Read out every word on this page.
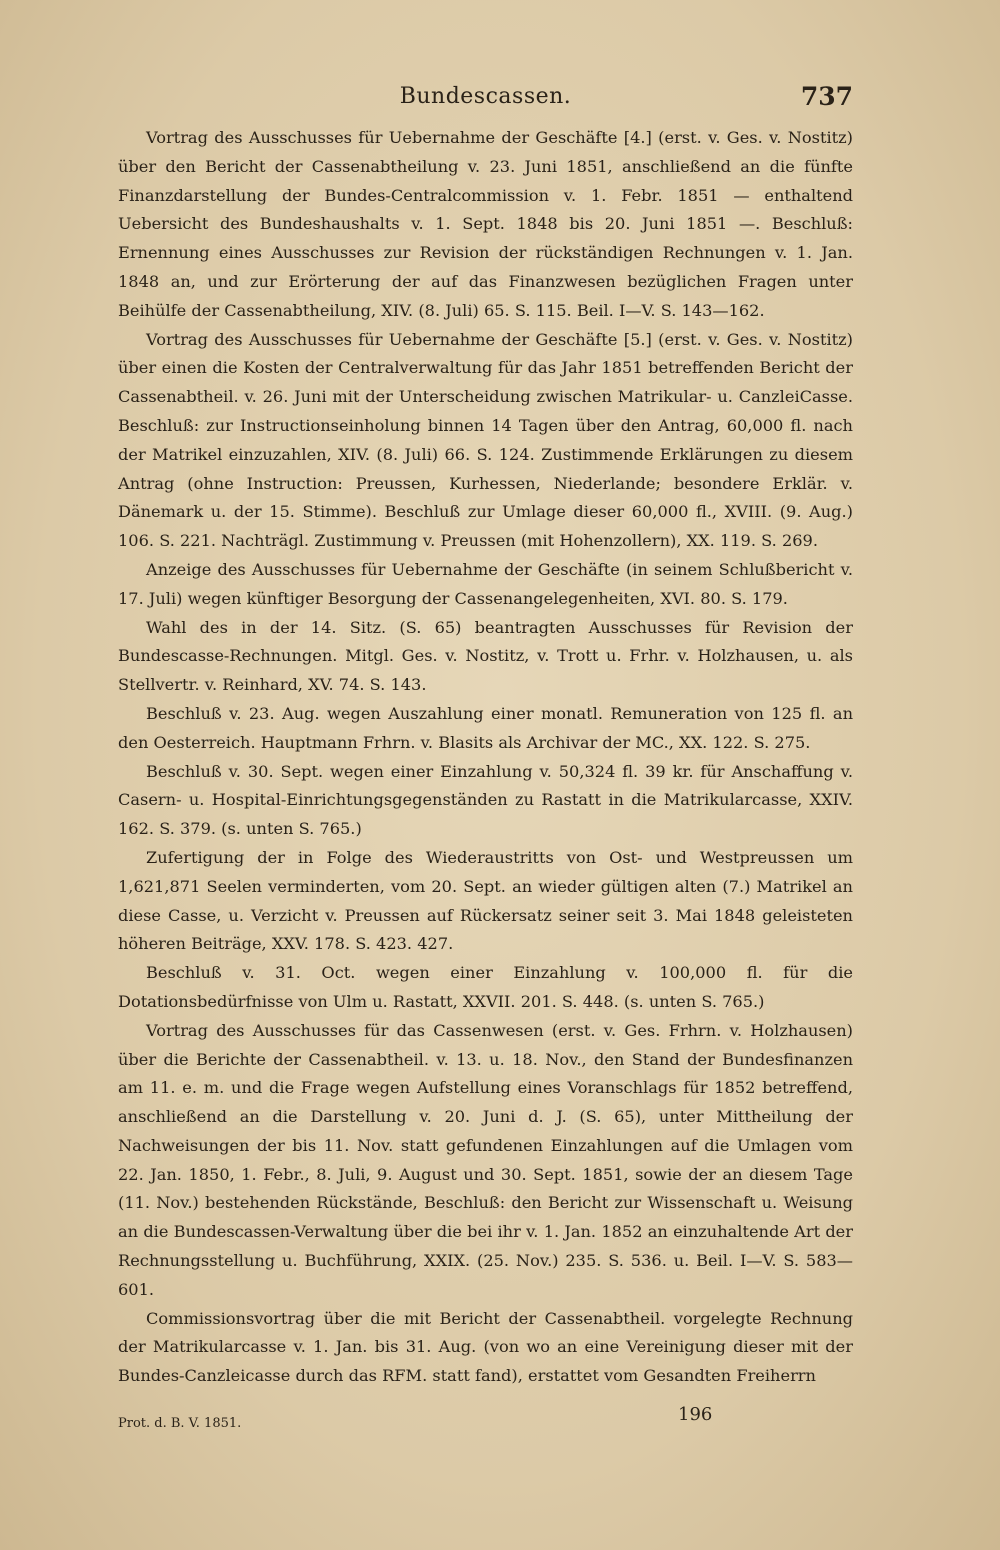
Bundescassen.	737

Vortrag des Ausschusses für Uebernahme der Geschäfte [4.] (erst. v. Ges. v. Nostitz) über den Bericht der Cassenabtheilung v. 23. Juni 1851, anschließend an die fünfte Finanzdarstellung der Bundes-Centralcommission v. 1. Febr. 1851 — enthaltend Uebersicht des Bundeshaushalts v. 1. Sept. 1848 bis 20. Juni 1851 —. Beschluß: Ernennung eines Ausschusses zur Revision der rückständigen Rechnungen v. 1. Jan. 1848 an, und zur Erörterung der auf das Finanzwesen bezüglichen Fragen unter Beihülfe der Cassenabtheilung, XIV. (8. Juli) 65. S. 115. Beil. I—V. S. 143—162.

Vortrag des Ausschusses für Uebernahme der Geschäfte [5.] (erst. v. Ges. v. Nostitz) über einen die Kosten der Centralverwaltung für das Jahr 1851 betreffenden Bericht der Cassenabtheil. v. 26. Juni mit der Unterscheidung zwischen Matrikular- u. CanzleiCasse. Beschluß: zur Instructionseinholung binnen 14 Tagen über den Antrag, 60,000 fl. nach der Matrikel einzuzahlen, XIV. (8. Juli) 66. S. 124. Zustimmende Erklärungen zu diesem Antrag (ohne Instruction: Preussen, Kurhessen, Niederlande; besondere Erklär. v. Dänemark u. der 15. Stimme). Beschluß zur Umlage dieser 60,000 fl., XVIII. (9. Aug.) 106. S. 221. Nachträgl. Zustimmung v. Preussen (mit Hohenzollern), XX. 119. S. 269.

Anzeige des Ausschusses für Uebernahme der Geschäfte (in seinem Schlußbericht v. 17. Juli) wegen künftiger Besorgung der Cassenangelegenheiten, XVI. 80. S. 179.

Wahl des in der 14. Sitz. (S. 65) beantragten Ausschusses für Revision der Bundescasse-Rechnungen. Mitgl. Ges. v. Nostitz, v. Trott u. Frhr. v. Holzhausen, u. als Stellvertr. v. Reinhard, XV. 74. S. 143.

Beschluß v. 23. Aug. wegen Auszahlung einer monatl. Remuneration von 125 fl. an den Oesterreich. Hauptmann Frhrn. v. Blasits als Archivar der MC., XX. 122. S. 275.

Beschluß v. 30. Sept. wegen einer Einzahlung v. 50,324 fl. 39 kr. für Anschaffung v. Casern- u. Hospital-Einrichtungsgegenständen zu Rastatt in die Matrikularcasse, XXIV. 162. S. 379. (s. unten S. 765.)

Zufertigung der in Folge des Wiederaustritts von Ost- und Westpreussen um 1,621,871 Seelen verminderten, vom 20. Sept. an wieder gültigen alten (7.) Matrikel an diese Casse, u. Verzicht v. Preussen auf Rückersatz seiner seit 3. Mai 1848 geleisteten höheren Beiträge, XXV. 178. S. 423. 427.

Beschluß v. 31. Oct. wegen einer Einzahlung v. 100,000 fl. für die Dotationsbedürfnisse von Ulm u. Rastatt, XXVII. 201. S. 448. (s. unten S. 765.)

Vortrag des Ausschusses für das Cassenwesen (erst. v. Ges. Frhrn. v. Holzhausen) über die Berichte der Cassenabtheil. v. 13. u. 18. Nov., den Stand der Bundesfinanzen am 11. e. m. und die Frage wegen Aufstellung eines Voranschlags für 1852 betreffend, anschließend an die Darstellung v. 20. Juni d. J. (S. 65), unter Mittheilung der Nachweisungen der bis 11. Nov. statt gefundenen Einzahlungen auf die Umlagen vom 22. Jan. 1850, 1. Febr., 8. Juli, 9. August und 30. Sept. 1851, sowie der an diesem Tage (11. Nov.) bestehenden Rückstände, Beschluß: den Bericht zur Wissenschaft u. Weisung an die Bundescassen-Verwaltung über die bei ihr v. 1. Jan. 1852 an einzuhaltende Art der Rechnungsstellung u. Buchführung, XXIX. (25. Nov.) 235. S. 536. u. Beil. I—V. S. 583—601.

Commissionsvortrag über die mit Bericht der Cassenabtheil. vorgelegte Rechnung der Matrikularcasse v. 1. Jan. bis 31. Aug. (von wo an eine Vereinigung dieser mit der Bundes-Canzleicasse durch das RFM. statt fand), erstattet vom Gesandten Freiherrn

Prot. d. B. V. 1851.	196
